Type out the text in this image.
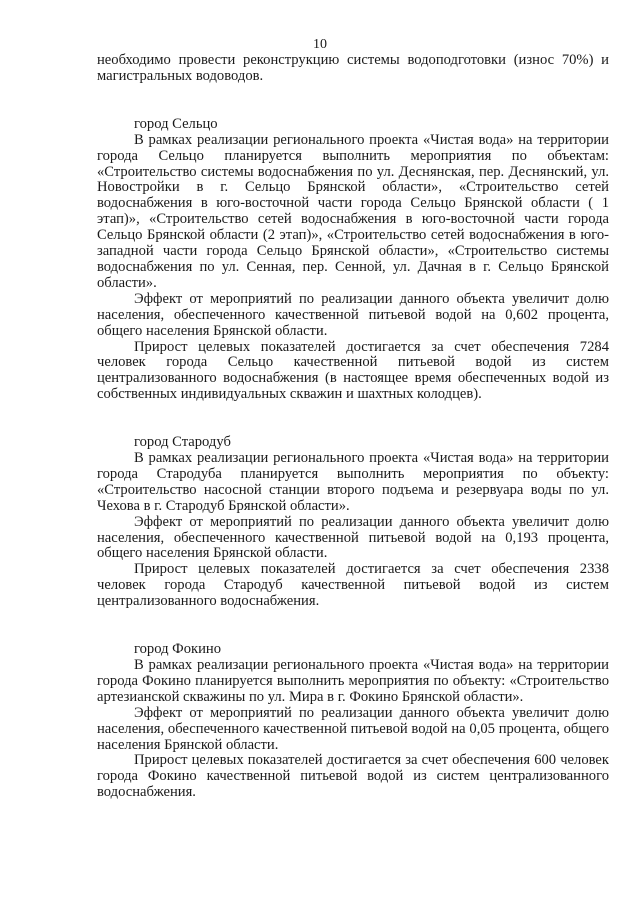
10

необходимо провести реконструкцию системы водоподготовки (износ 70%) и магистральных водоводов.

город Сельцо

В рамках реализации регионального проекта «Чистая вода» на территории города Сельцо планируется выполнить мероприятия по объектам: «Строительство системы водоснабжения по ул. Деснянская, пер. Деснянский, ул. Новостройки в г. Сельцо Брянской области», «Строительство сетей водоснабжения в юго-восточной части города Сельцо Брянской области ( 1 этап)», «Строительство сетей водоснабжения в юго-восточной части города Сельцо Брянской области (2 этап)», «Строительство сетей водоснабжения в юго-западной части города Сельцо Брянской области», «Строительство системы водоснабжения по ул. Сенная, пер. Сенной, ул. Дачная в г. Сельцо Брянской области».

Эффект от мероприятий по реализации данного объекта увеличит долю населения, обеспеченного качественной питьевой водой на 0,602 процента, общего населения Брянской области.

Прирост целевых показателей достигается за счет обеспечения 7284 человек города Сельцо качественной питьевой водой из систем централизованного водоснабжения (в настоящее время обеспеченных водой из собственных индивидуальных скважин и шахтных колодцев).

город Стародуб

В рамках реализации регионального проекта «Чистая вода» на территории города Стародуба планируется выполнить мероприятия по объекту: «Строительство насосной станции второго подъема и резервуара воды по ул. Чехова в г. Стародуб Брянской области».

Эффект от мероприятий по реализации данного объекта увеличит долю населения, обеспеченного качественной питьевой водой на 0,193 процента, общего населения Брянской области.

Прирост целевых показателей достигается за счет обеспечения 2338 человек города Стародуб качественной питьевой водой из систем централизованного водоснабжения.

город Фокино

В рамках реализации регионального проекта «Чистая вода» на территории города Фокино планируется выполнить мероприятия по объекту: «Строительство артезианской скважины по ул. Мира в г. Фокино Брянской области».

Эффект от мероприятий по реализации данного объекта увеличит долю населения, обеспеченного качественной питьевой водой на 0,05 процента, общего населения Брянской области.

Прирост целевых показателей достигается за счет обеспечения 600 человек города Фокино качественной питьевой водой из систем централизованного водоснабжения.
